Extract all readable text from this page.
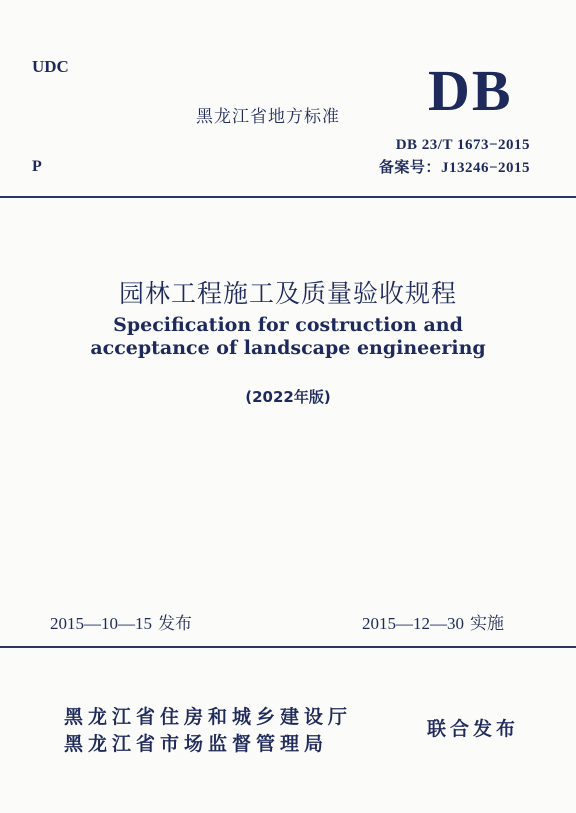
UDC
P
黑龙江省地方标准 DB
DB 23/T 1673−2015
备案号：J13246−2015
园林工程施工及质量验收规程
Specification for costruction and
acceptance of landscape engineering
(2022年版)
2015—10—15 发布	2015—12—30 实施
黑龙江省住房和城乡建设厅
黑龙江省市场监督管理局
联合发布
